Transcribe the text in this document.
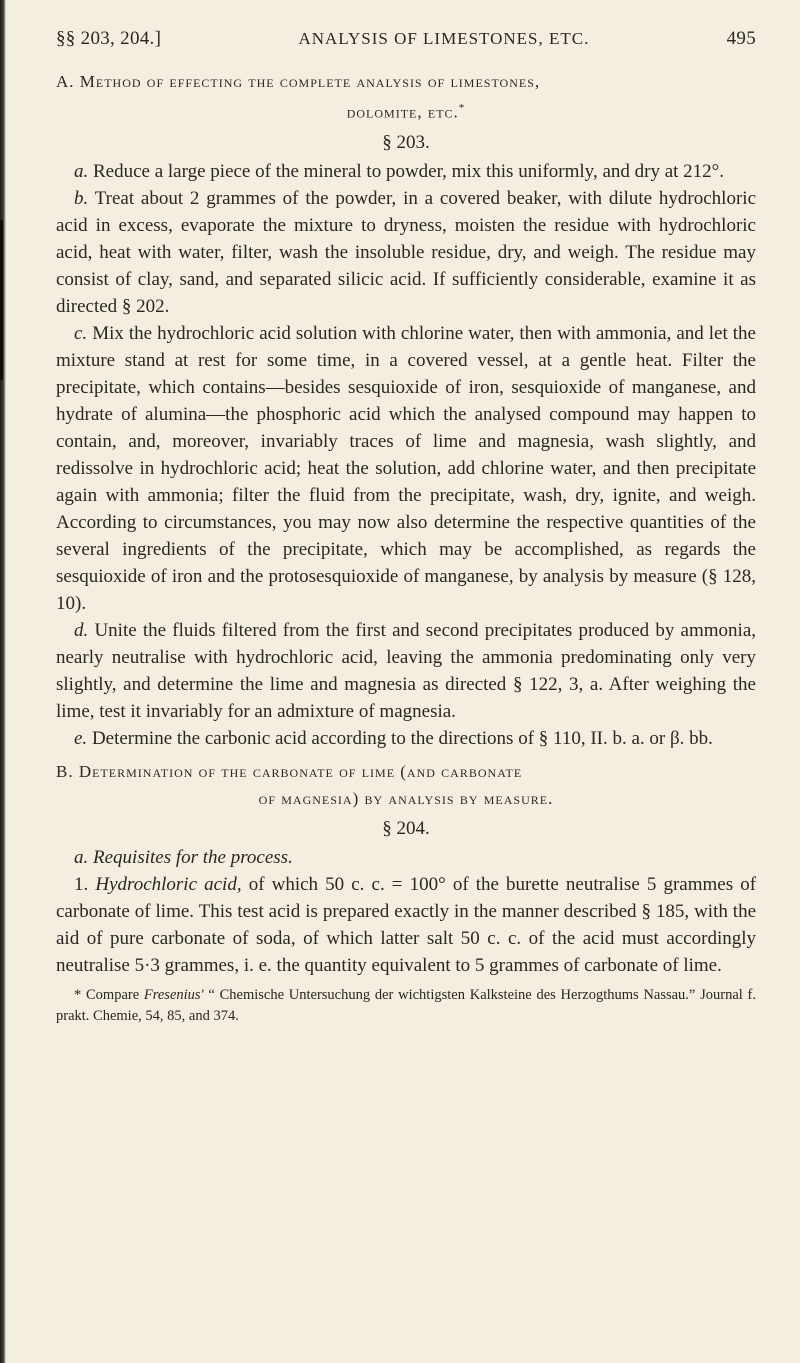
§§ 203, 204.]	ANALYSIS OF LIMESTONES, ETC.	495
A. Method of effecting the complete analysis of limestones,
dolomite, etc.*
§ 203.

a. Reduce a large piece of the mineral to powder, mix this uniformly, and dry at 212°.

b. Treat about 2 grammes of the powder, in a covered beaker, with dilute hydrochloric acid in excess, evaporate the mixture to dryness, moisten the residue with hydrochloric acid, heat with water, filter, wash the insoluble residue, dry, and weigh. The residue may consist of clay, sand, and separated silicic acid. If sufficiently considerable, examine it as directed § 202.

c. Mix the hydrochloric acid solution with chlorine water, then with ammonia, and let the mixture stand at rest for some time, in a covered vessel, at a gentle heat. Filter the precipitate, which contains—besides sesquioxide of iron, sesquioxide of manganese, and hydrate of alumina—the phosphoric acid which the analysed compound may happen to contain, and, moreover, invariably traces of lime and magnesia, wash slightly, and redissolve in hydrochloric acid; heat the solution, add chlorine water, and then precipitate again with ammonia; filter the fluid from the precipitate, wash, dry, ignite, and weigh. According to circumstances, you may now also determine the respective quantities of the several ingredients of the precipitate, which may be accomplished, as regards the sesquioxide of iron and the protosesquioxide of manganese, by analysis by measure (§ 128, 10).

d. Unite the fluids filtered from the first and second precipitates produced by ammonia, nearly neutralise with hydrochloric acid, leaving the ammonia predominating only very slightly, and determine the lime and magnesia as directed § 122, 3, a. After weighing the lime, test it invariably for an admixture of magnesia.

e. Determine the carbonic acid according to the directions of § 110, II. b. a. or β. bb.

B. Determination of the carbonate of lime (and carbonate
of magnesia) by analysis by measure.
§ 204.

a. Requisites for the process.

1. Hydrochloric acid, of which 50 c. c. = 100° of the burette neutralise 5 grammes of carbonate of lime. This test acid is prepared exactly in the manner described § 185, with the aid of pure carbonate of soda, of which latter salt 50 c. c. of the acid must accordingly neutralise 5·3 grammes, i. e. the quantity equivalent to 5 grammes of carbonate of lime.

* Compare Fresenius' “ Chemische Untersuchung der wichtigsten Kalksteine des Herzogthums Nassau.” Journal f. prakt. Chemie, 54, 85, and 374.
